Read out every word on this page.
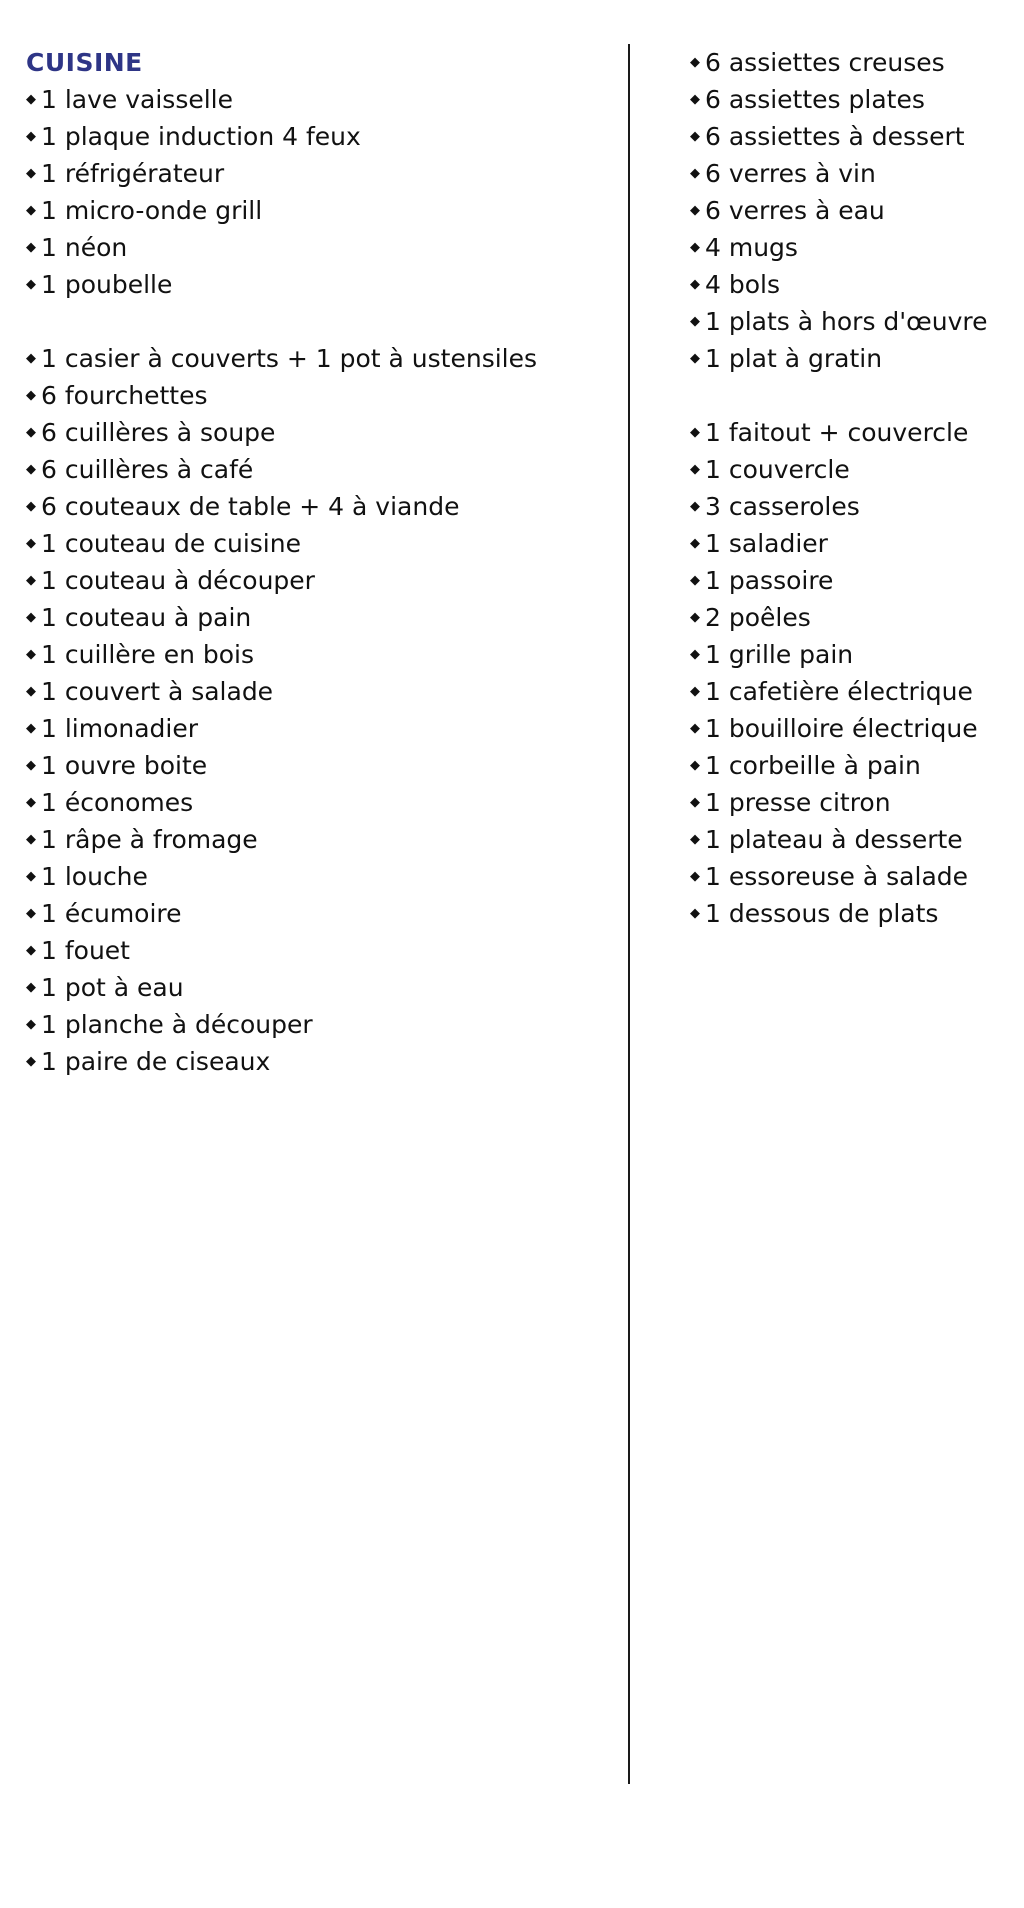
CUISINE
◆ 1 lave vaisselle
◆ 1 plaque induction 4 feux
◆ 1 réfrigérateur
◆ 1 micro-onde grill
◆ 1 néon
◆ 1 poubelle
◆ 1 casier à couverts + 1 pot à ustensiles
◆ 6 fourchettes
◆ 6 cuillères à soupe
◆ 6 cuillères à café
◆ 6 couteaux de table + 4 à viande
◆ 1 couteau de cuisine
◆ 1 couteau à découper
◆ 1 couteau à pain
◆ 1 cuillère en bois
◆ 1 couvert à salade
◆ 1 limonadier
◆ 1 ouvre boite
◆ 1 économes
◆ 1 râpe à fromage
◆ 1 louche
◆ 1 écumoire
◆ 1 fouet
◆ 1 pot à eau
◆ 1 planche à découper
◆ 1 paire de ciseaux
◆ 6 assiettes creuses
◆ 6 assiettes plates
◆ 6 assiettes à dessert
◆ 6 verres à vin
◆ 6 verres à eau
◆ 4 mugs
◆ 4 bols
◆ 1 plats à hors d'œuvre
◆ 1 plat à gratin
◆ 1 faitout + couvercle
◆ 1 couvercle
◆ 3 casseroles
◆ 1 saladier
◆ 1 passoire
◆ 2 poêles
◆ 1 grille pain
◆ 1 cafetière électrique
◆ 1 bouilloire électrique
◆ 1 corbeille à pain
◆ 1 presse citron
◆ 1 plateau à desserte
◆ 1 essoreuse à salade
◆ 1 dessous de plats
